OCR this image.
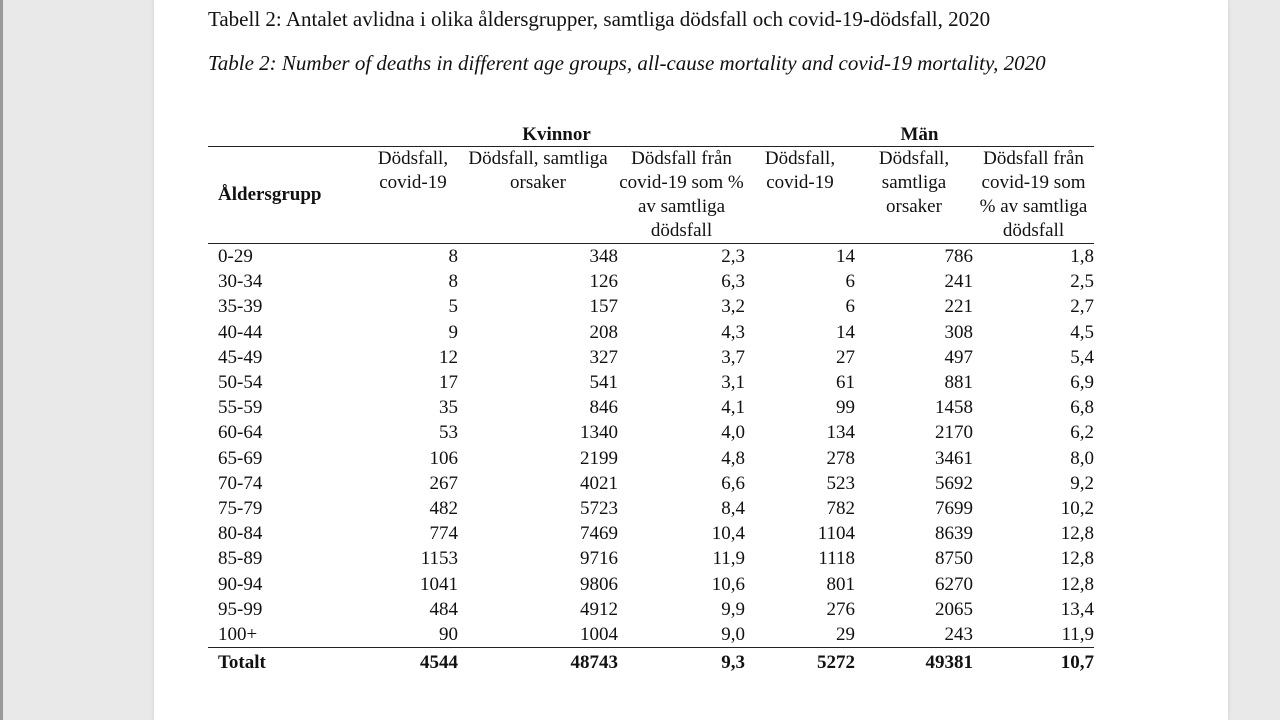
Tabell 2: Antalet avlidna i olika åldersgrupper, samtliga dödsfall och covid-19-dödsfall, 2020
Table 2: Number of deaths in different age groups, all-cause mortality and covid-19 mortality, 2020
	Kvinnor			Män		
Åldersgrupp	Dödsfall, covid-19	Dödsfall, samtliga orsaker	Dödsfall från covid-19 som % av samtliga dödsfall	Dödsfall, covid-19	Dödsfall, samtliga orsaker	Dödsfall från covid-19 som % av samtliga dödsfall
0-29	8	348	2,3	14	786	1,8
30-34	8	126	6,3	6	241	2,5
35-39	5	157	3,2	6	221	2,7
40-44	9	208	4,3	14	308	4,5
45-49	12	327	3,7	27	497	5,4
50-54	17	541	3,1	61	881	6,9
55-59	35	846	4,1	99	1458	6,8
60-64	53	1340	4,0	134	2170	6,2
65-69	106	2199	4,8	278	3461	8,0
70-74	267	4021	6,6	523	5692	9,2
75-79	482	5723	8,4	782	7699	10,2
80-84	774	7469	10,4	1104	8639	12,8
85-89	1153	9716	11,9	1118	8750	12,8
90-94	1041	9806	10,6	801	6270	12,8
95-99	484	4912	9,9	276	2065	13,4
100+	90	1004	9,0	29	243	11,9
Totalt	4544	48743	9,3	5272	49381	10,7
